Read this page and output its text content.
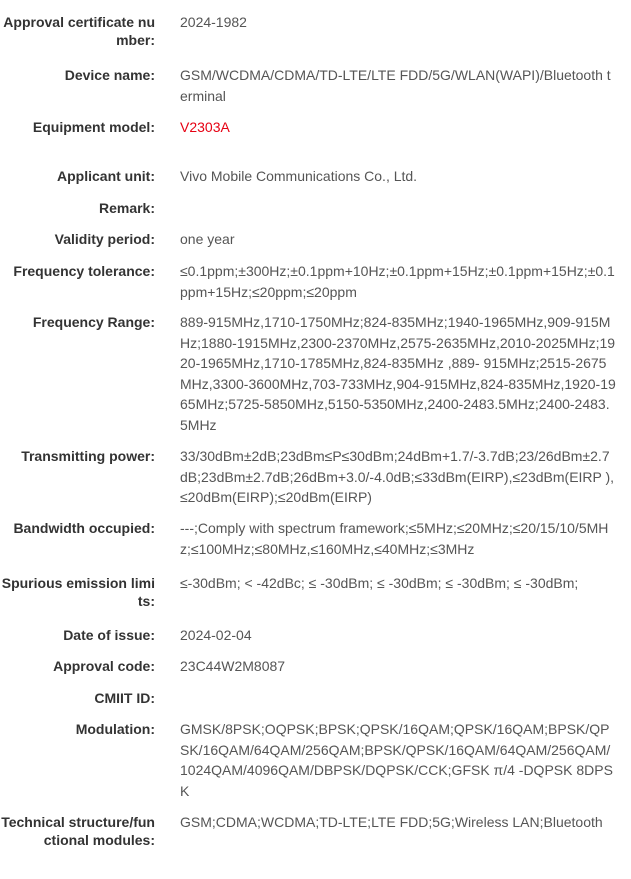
Approval certificate number:
2024-1982
Device name: GSM/WCDMA/CDMA/TD-LTE/LTE FDD/5G/WLAN(WAPI)/Bluetooth terminal
Equipment model: V2303A
Applicant unit: Vivo Mobile Communications Co., Ltd.
Remark:
Validity period: one year
Frequency tolerance: ≤0.1ppm;±300Hz;±0.1ppm+10Hz;±0.1ppm+15Hz;±0.1ppm+15Hz;±0.1ppm+15Hz;≤20ppm;≤20ppm
Frequency Range: 889-915MHz,1710-1750MHz;824-835MHz;1940-1965MHz,909-915MHz;1880-1915MHz,2300-2370MHz,2575-2635MHz,2010-2025MHz;1920-1965MHz,1710-1785MHz,824-835MHz ,889- 915MHz;2515-2675MHz,3300-3600MHz,703-733MHz,904-915MHz,824-835MHz,1920-1965MHz;5725-5850MHz,5150-5350MHz,2400-2483.5MHz;2400-2483.5MHz
Transmitting power: 33/30dBm±2dB;23dBm≤P≤30dBm;24dBm+1.7/-3.7dB;23/26dBm±2.7dB;23dBm±2.7dB;26dBm+3.0/-4.0dB;≤33dBm(EIRP),≤23dBm(EIRP ),≤20dBm(EIRP);≤20dBm(EIRP)
Bandwidth occupied: ---;Comply with spectrum framework;≤5MHz;≤20MHz;≤20/15/10/5MHz;≤100MHz;≤80MHz,≤160MHz,≤40MHz;≤3MHz
Spurious emission limits:
≤-30dBm; < -42dBc; ≤ -30dBm; ≤ -30dBm; ≤ -30dBm; ≤ -30dBm;
Date of issue: 2024-02-04
Approval code: 23C44W2M8087
CMIIT ID:
Modulation: GMSK/8PSK;OQPSK;BPSK;QPSK/16QAM;QPSK/16QAM;BPSK/QPSK/16QAM/64QAM/256QAM;BPSK/QPSK/16QAM/64QAM/256QAM/1024QAM/4096QAM/DBPSK/DQPSK/CCK;GFSK π/4 -DQPSK 8DPSK
Technical structure/functional modules:
GSM;CDMA;WCDMA;TD-LTE;LTE FDD;5G;Wireless LAN;Bluetooth
